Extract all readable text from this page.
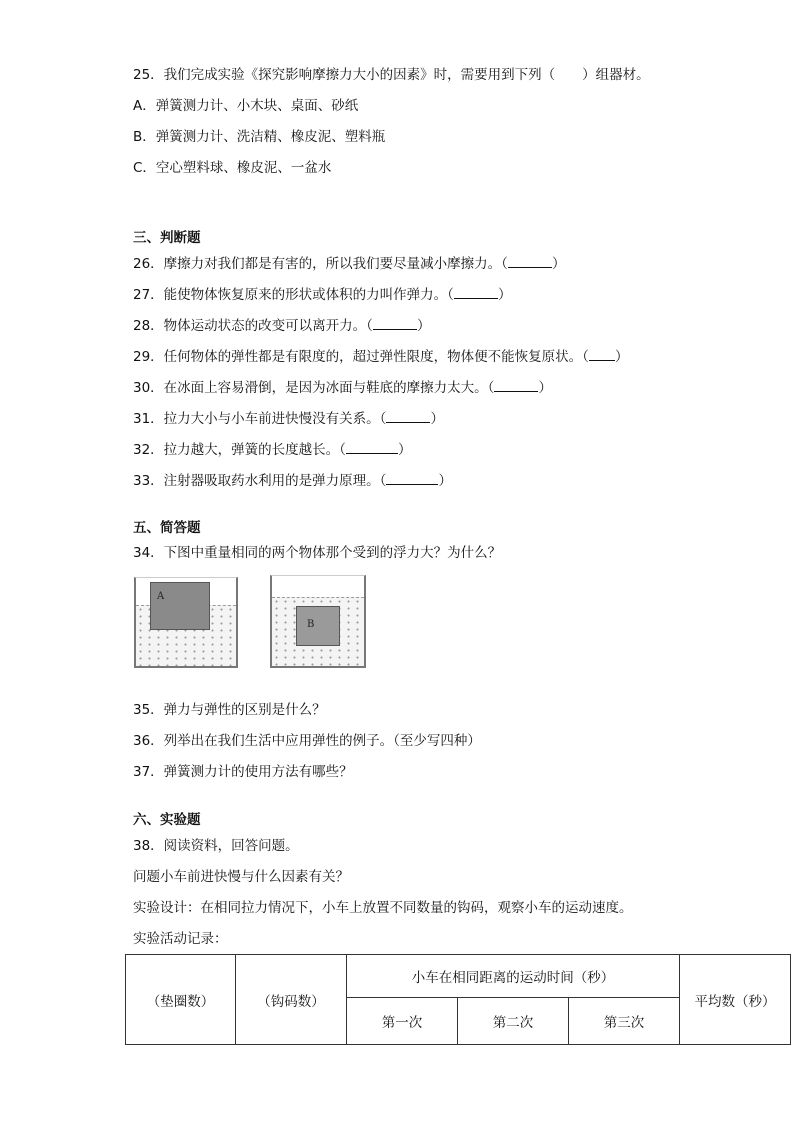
25．我们完成实验《探究影响摩擦力大小的因素》时，需要用到下列（　　）组器材。
A．弹簧测力计、小木块、桌面、砂纸
B．弹簧测力计、洗洁精、橡皮泥、塑料瓶
C．空心塑料球、橡皮泥、一盆水
三、判断题
26．摩擦力对我们都是有害的，所以我们要尽量减小摩擦力。（	）
27．能使物体恢复原来的形状或体积的力叫作弹力。（	）
28．物体运动状态的改变可以离开力。（	）
29．任何物体的弹性都是有限度的，超过弹性限度，物体便不能恢复原状。（ ）
30．在冰面上容易滑倒，是因为冰面与鞋底的摩擦力太大。（	）
31．拉力大小与小车前进快慢没有关系。（	）
32．拉力越大，弹簧的长度越长。（	）
33．注射器吸取药水利用的是弹力原理。（	）
五、简答题
34．下图中重量相同的两个物体那个受到的浮力大？为什么？
A
B
35．弹力与弹性的区别是什么？
36．列举出在我们生活中应用弹性的例子。（至少写四种）
37．弹簧测力计的使用方法有哪些？
六、实验题
38．阅读资料，回答问题。
问题小车前进快慢与什么因素有关？
实验设计：在相同拉力情况下，小车上放置不同数量的钩码，观察小车的运动速度。
实验活动记录：
（垫圈数）	（钩码数）	小车在相同距离的运动时间（秒）			平均数（秒）
		第一次	第二次	第三次	
